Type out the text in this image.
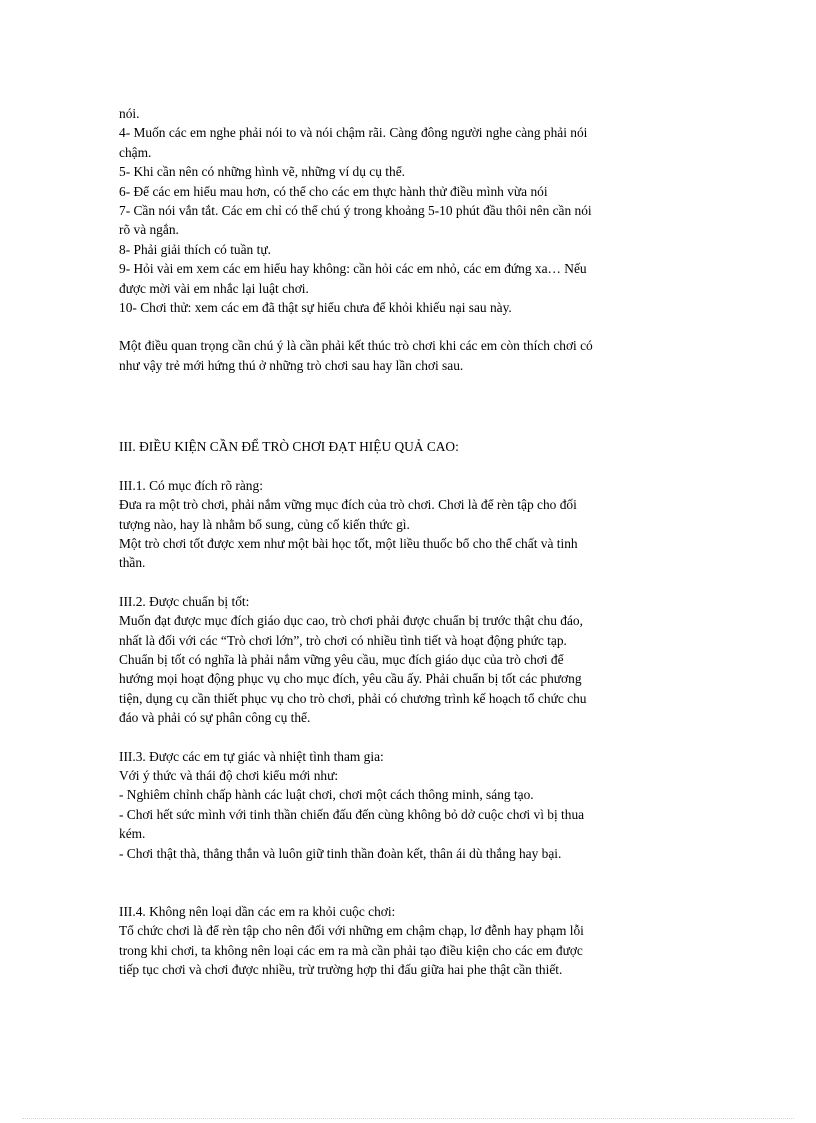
nói.
4- Muốn các em nghe phải nói to và nói chậm rãi. Càng đông người nghe càng phải nói
chậm.
5- Khi cần nên có những hình vẽ, những ví dụ cụ thể.
6- Để các em hiểu mau hơn, có thể cho các em thực hành thử điều mình vừa nói
7- Cần nói vắn tắt. Các em chỉ có thể chú ý trong khoảng 5-10 phút đầu thôi nên cần nói
rõ và ngắn.
8- Phải giải thích có tuần tự.
9- Hỏi vài em xem các em hiểu hay không: cần hỏi các em nhỏ, các em đứng xa… Nếu
được mời vài em nhắc lại luật chơi.
10- Chơi thử: xem các em đã thật sự hiểu chưa để khỏi khiếu nại sau này.
Một điều quan trọng cần chú ý là cần phải kết thúc trò chơi khi các em còn thích chơi có
như vậy trẻ mới hứng thú ở những trò chơi sau hay lần chơi sau.
III. ĐIỀU KIỆN CẦN ĐỂ TRÒ CHƠI ĐẠT HIỆU QUẢ CAO:
III.1. Có mục đích rõ ràng:
Đưa ra một trò chơi, phải nắm vững mục đích của trò chơi. Chơi là để rèn tập cho đối
tượng nào, hay là nhằm bổ sung, củng cố kiến thức gì.
Một trò chơi tốt được xem như một bài học tốt, một liều thuốc bổ cho thể chất và tinh
thần.
III.2. Được chuẩn bị tốt:
Muốn đạt được mục đích giáo dục cao, trò chơi phải được chuẩn bị trước thật chu đáo,
nhất là đối với các “Trò chơi lớn”, trò chơi có nhiều tình tiết và hoạt động phức tạp.
Chuẩn bị tốt có nghĩa là phải nắm vững yêu cầu, mục đích giáo dục của trò chơi để
hướng mọi hoạt động phục vụ cho mục đích, yêu cầu ấy. Phải chuẩn bị tốt các phương
tiện, dụng cụ cần thiết phục vụ cho trò chơi, phải có chương trình kế hoạch tổ chức chu
đáo và phải có sự phân công cụ thể.
III.3. Được các em tự giác và nhiệt tình tham gia:
Với ý thức và thái độ chơi kiểu mới như:
- Nghiêm chỉnh chấp hành các luật chơi, chơi một cách thông minh, sáng tạo.
- Chơi hết sức mình với tinh thần chiến đấu đến cùng không bỏ dở cuộc chơi vì bị thua
kém.
- Chơi thật thà, thẳng thắn và luôn giữ tinh thần đoàn kết, thân ái dù thắng hay bại.
III.4. Không nên loại dần các em ra khỏi cuộc chơi:
Tổ chức chơi là để rèn tập cho nên đối với những em chậm chạp, lơ đễnh hay phạm lỗi
trong khi chơi, ta không nên loại các em ra mà cần phải tạo điều kiện cho các em được
tiếp tục chơi và chơi được nhiều, trừ trường hợp thi đấu giữa hai phe thật cần thiết.
